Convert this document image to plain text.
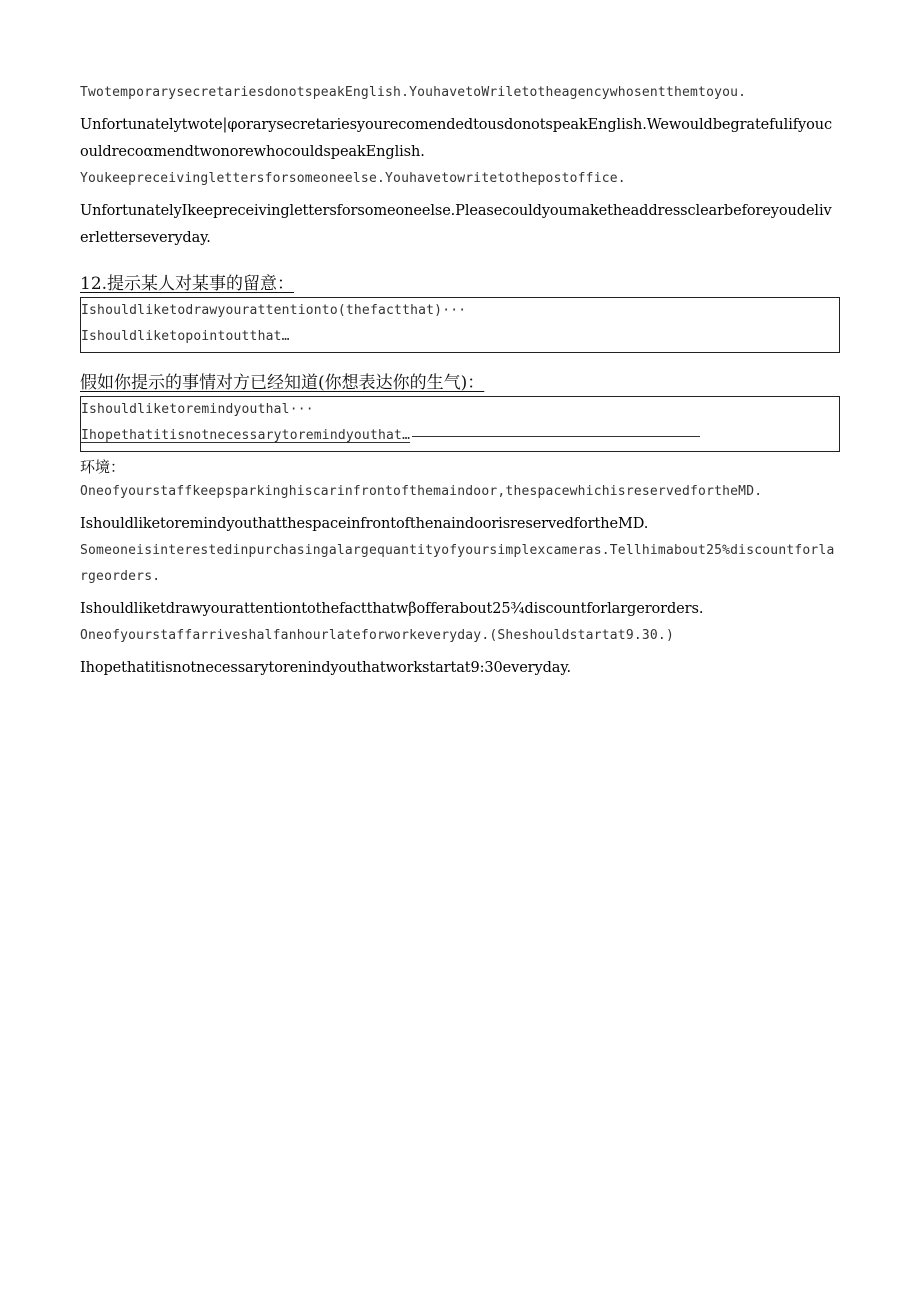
TwotemporarysecretariesdonotspeakEnglish.YouhavetoWriletotheagencywhosentthemtoyou.
Unfortunatelytwote|φorarysecretariesyourecomendedtousdonotspeakEnglish.WewouldbegratefulifyoucouldrecoαmendtwonorewhocouldspeakEnglish.
Youkeepreceivinglettersforsomeoneelse.Youhavetowritetothepostoffice.
UnfortunatelyIkeepreceivinglettersforsomeoneelse.Pleasecouldyoumaketheaddressclearbeforeyoudeliverletterseveryday.
12.提示某人对某事的留意：
Ishouldliketodrawyourattentionto(thefactthat)···
Ishouldliketopointoutthat…
假如你提示的事情对方已经知道(你想表达你的生气)：
Ishouldliketoremindyouthal···
Ihopethatitisnotnecessarytoremindyouthat…
环境：
Oneofyourstaffkeepsparkinghiscarinfrontofthemaindoor,thespacewhichisreservedfortheMD.
IshouldliketoremindyouthatthespaceinfrontofthenaindoorisreservedfortheMD.
Someoneisinterestedinpurchasingalargequantityofyoursimplexcameras.Tellhimabout25%discountforlargeorders.
Ishouldliketdrawyourattentiontothefactthatwβofferabout25¾discountforlargerorders.
Oneofyourstaffarriveshalfanhourlateforworkeveryday.(Sheshouldstartat9.30.)
Ihopethatitisnotnecessarytorenindyouthatworkstartat9:30everyday.
